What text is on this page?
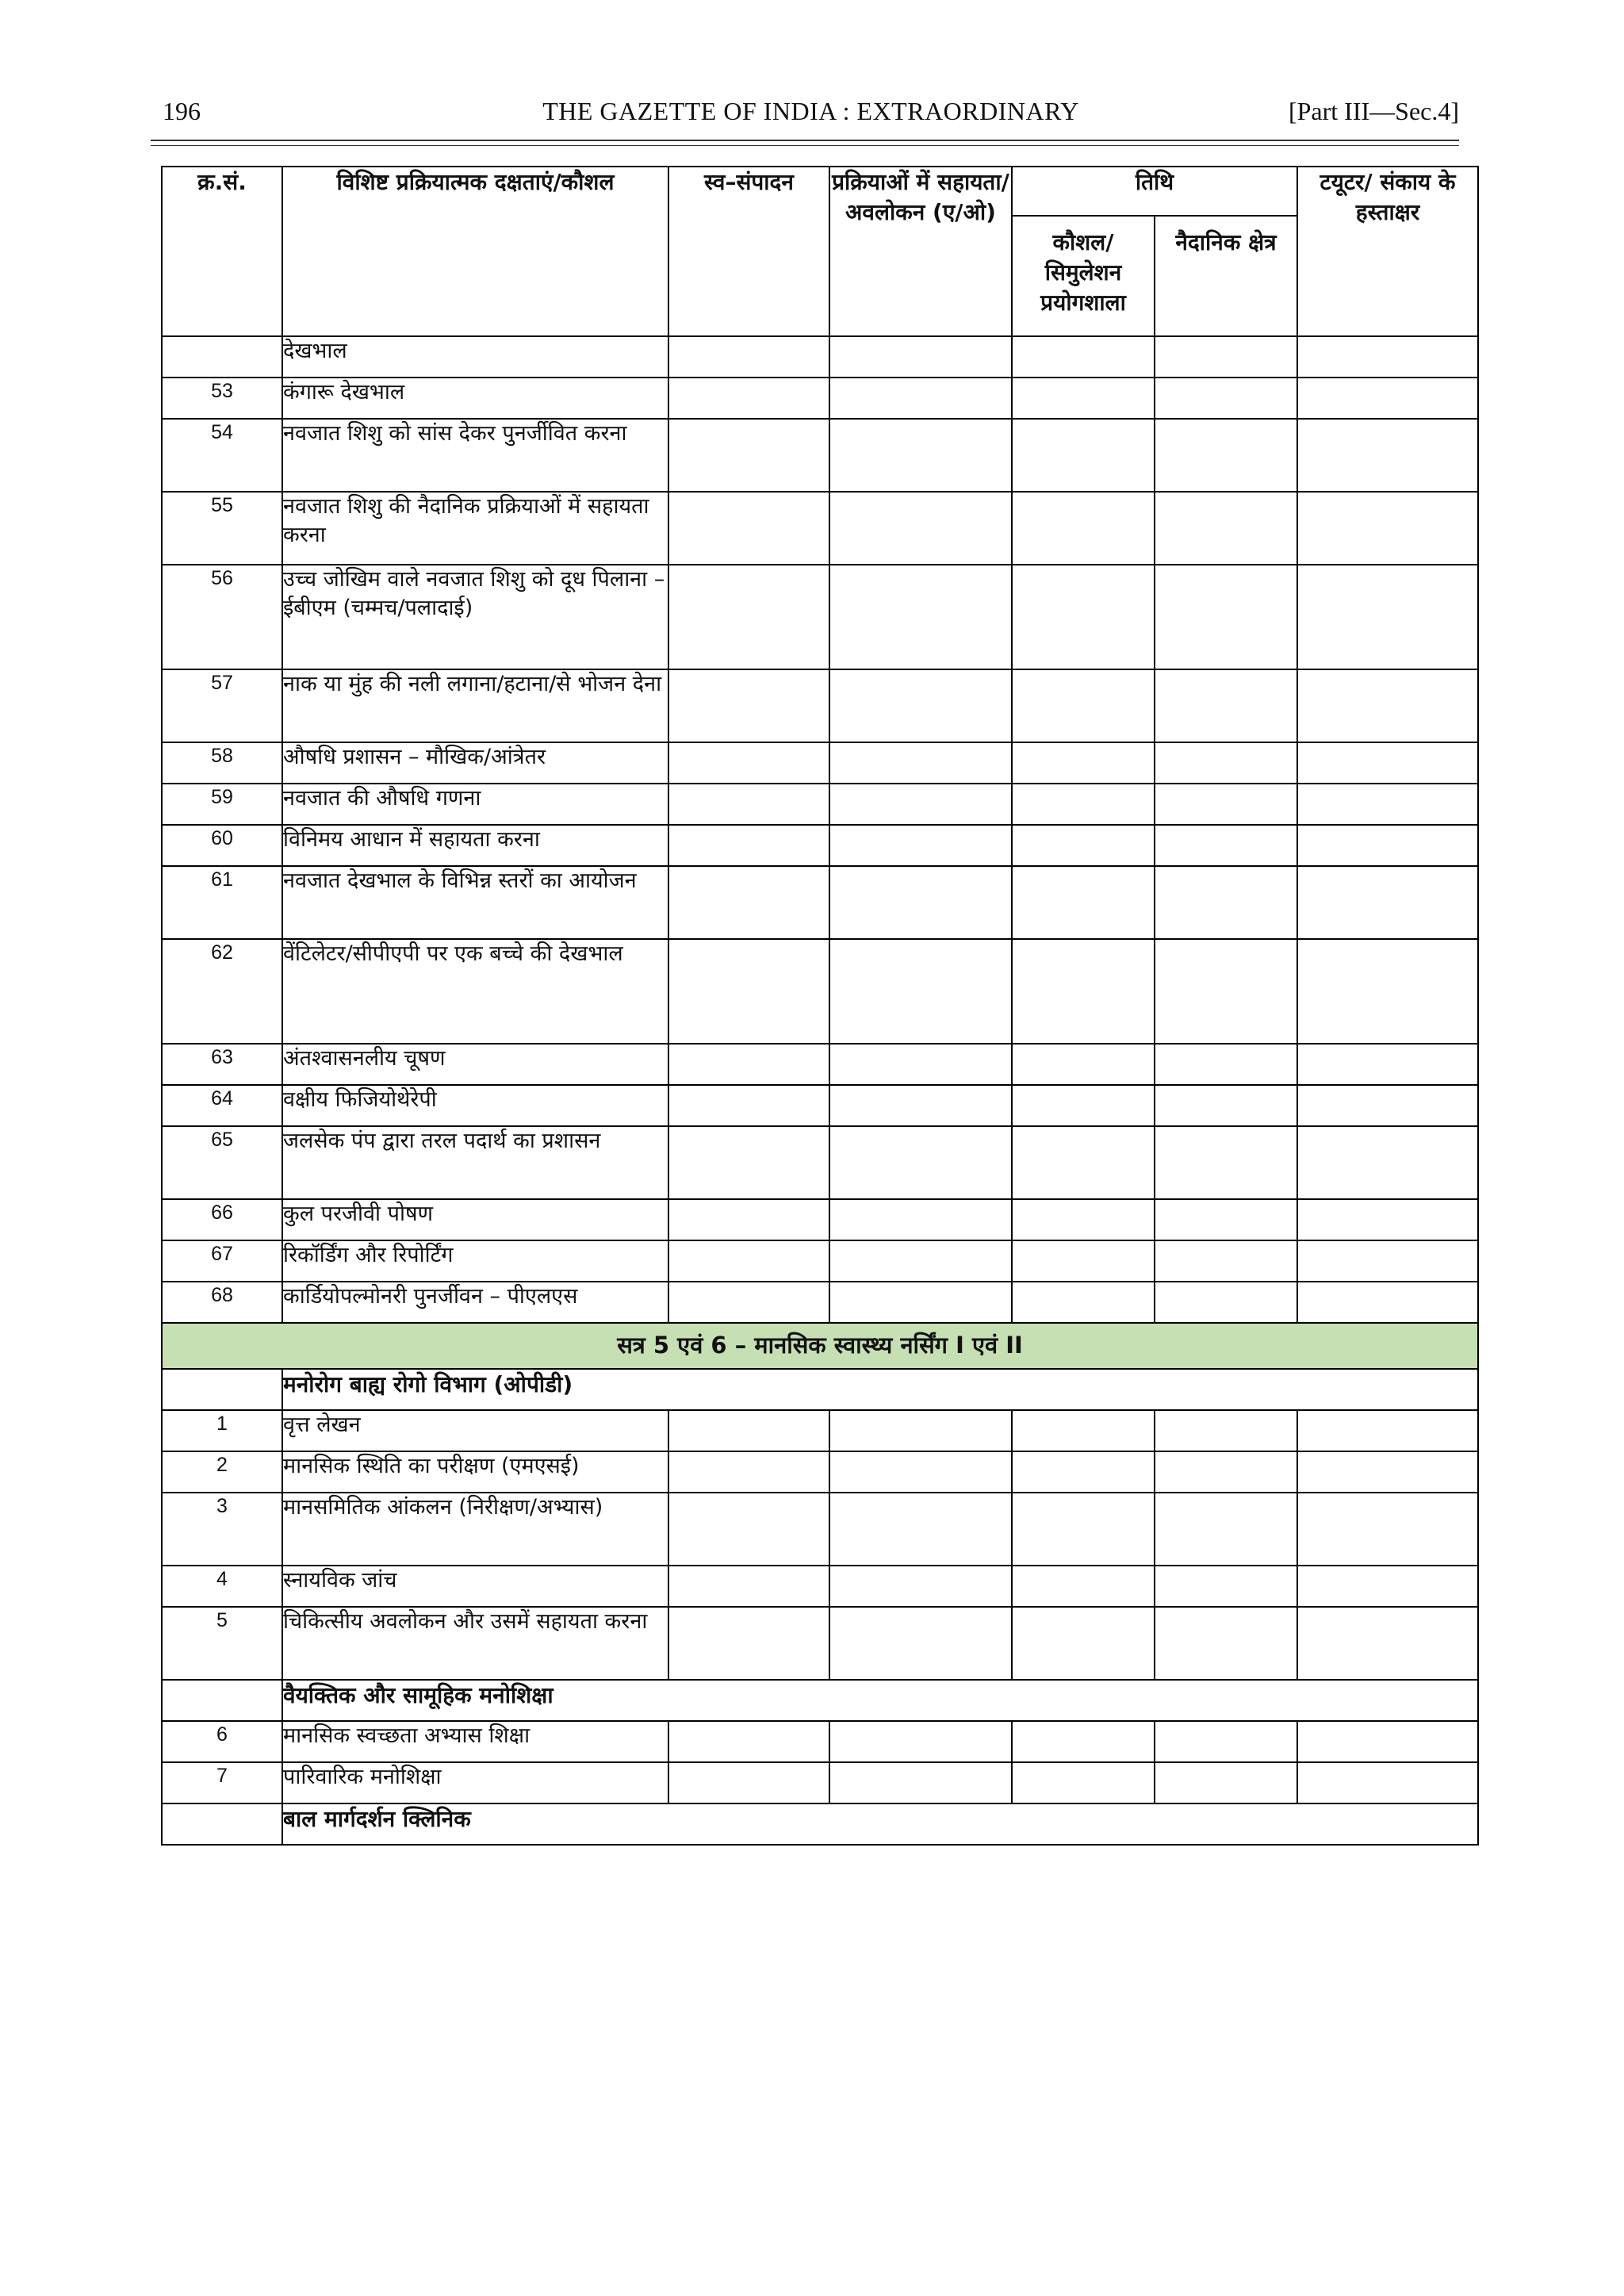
THE GAZETTE OF INDIA : EXTRAORDINARY
196	[Part III—Sec.4]
क्र.सं.	विशिष्ट प्रक्रियात्मक दक्षताएं/कौशल	स्व–संपादन	प्रक्रियाओं में सहायता/ अवलोकन (ए/ओ)	तिथि		टयूटर/ संकाय के हस्ताक्षर
				कौशल/ सिमुलेशन प्रयोगशाला	नैदानिक क्षेत्र	
	देखभाल					
53	कंगारू देखभाल					
54	नवजात शिशु को सांस देकर पुनर्जीवित करना					
55	नवजात शिशु की नैदानिक प्रक्रियाओं में सहायता करना					
56	उच्च जोखिम वाले नवजात शिशु को दूध पिलाना – ईबीएम (चम्मच/पलादाई)					
57	नाक या मुंह की नली लगाना/हटाना/से भोजन देना					
58	औषधि प्रशासन – मौखिक/आंत्रेतर					
59	नवजात की औषधि गणना					
60	विनिमय आधान में सहायता करना					
61	नवजात देखभाल के विभिन्न स्तरों का आयोजन					
62	वेंटिलेटर/सीपीएपी पर एक बच्चे की देखभाल					
63	अंतश्वासनलीय चूषण					
64	वक्षीय फिजियोथेरेपी					
65	जलसेक पंप द्वारा तरल पदार्थ का प्रशासन					
66	कुल परजीवी पोषण					
67	रिकॉर्डिंग और रिपोर्टिंग					
68	कार्डियोपल्मोनरी पुनर्जीवन – पीएलएस					
सत्र 5 एवं 6 – मानसिक स्वास्थ्य नर्सिंग I एवं II						
	मनोरोग बाह्य रोगो विभाग (ओपीडी)					
1	वृत्त लेखन					
2	मानसिक स्थिति का परीक्षण (एमएसई)					
3	मानसमितिक आंकलन (निरीक्षण/अभ्यास)					
4	स्नायविक जांच					
5	चिकित्सीय अवलोकन और उसमें सहायता करना					
	वैयक्तिक और सामूहिक मनोशिक्षा					
6	मानसिक स्वच्छता अभ्यास शिक्षा					
7	पारिवारिक मनोशिक्षा					
	बाल मार्गदर्शन क्लिनिक					
